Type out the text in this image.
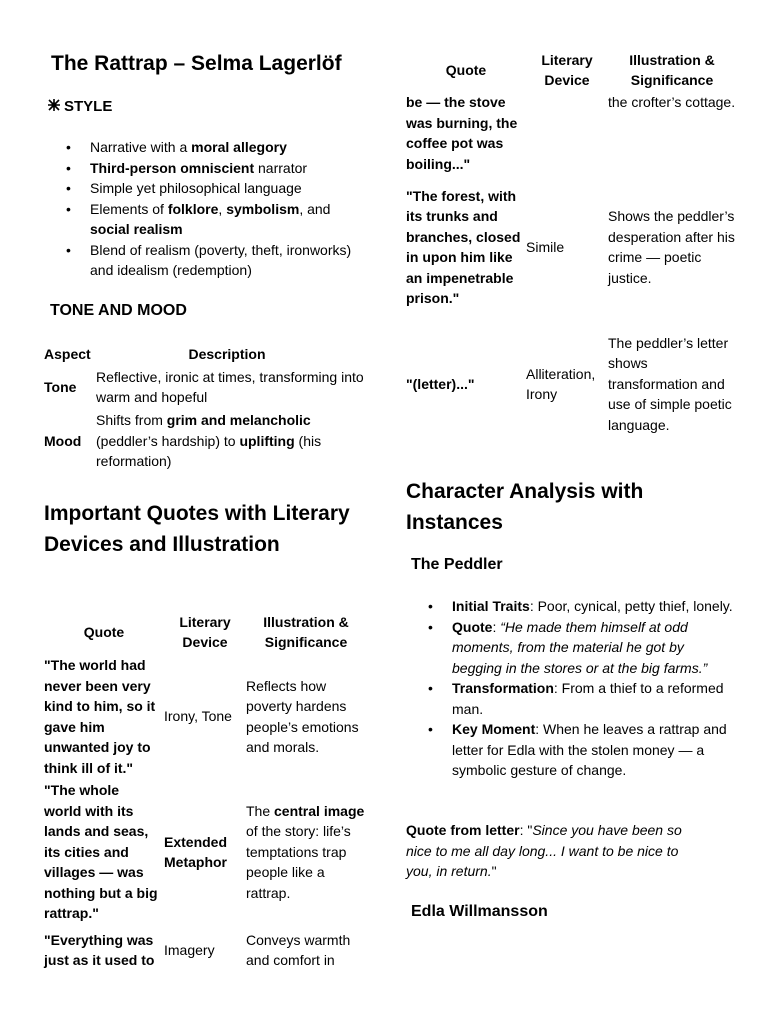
The Rattrap – Selma Lagerlöf
STYLE
• Narrative with a moral allegory
• Third-person omniscient narrator
• Simple yet philosophical language
• Elements of folklore, symbolism, and social realism
• Blend of realism (poverty, theft, ironworks) and idealism (redemption)
TONE AND MOOD
Aspect	Description
Tone	Reflective, ironic at times, transforming into warm and hopeful
Mood	Shifts from grim and melancholic (peddler’s hardship) to uplifting (his reformation)
Important Quotes with Literary Devices and Illustration
Quote	Literary Device	Illustration & Significance
"The world had never been very kind to him, so it gave him unwanted joy to think ill of it."	Irony, Tone	Reflects how poverty hardens people’s emotions and morals.
"The whole world with its lands and seas, its cities and villages — was nothing but a big rattrap."	Extended Metaphor	The central image of the story: life’s temptations trap people like a rattrap.
"Everything was just as it used to	Imagery	Conveys warmth and comfort in
Quote	Literary Device	Illustration & Significance
be — the stove was burning, the coffee pot was boiling..."		the crofter’s cottage.
"The forest, with its trunks and branches, closed in upon him like an impenetrable prison."	Simile	Shows the peddler’s desperation after his crime — poetic justice.
"(letter)..."	Alliteration, Irony	The peddler’s letter shows transformation and use of simple poetic language.
Character Analysis with Instances
The Peddler
• Initial Traits: Poor, cynical, petty thief, lonely.
• Quote: “He made them himself at odd moments, from the material he got by begging in the stores or at the big farms.”
• Transformation: From a thief to a reformed man.
• Key Moment: When he leaves a rattrap and letter for Edla with the stolen money — a symbolic gesture of change.
Quote from letter: "Since you have been so nice to me all day long... I want to be nice to you, in return."
Edla Willmansson
